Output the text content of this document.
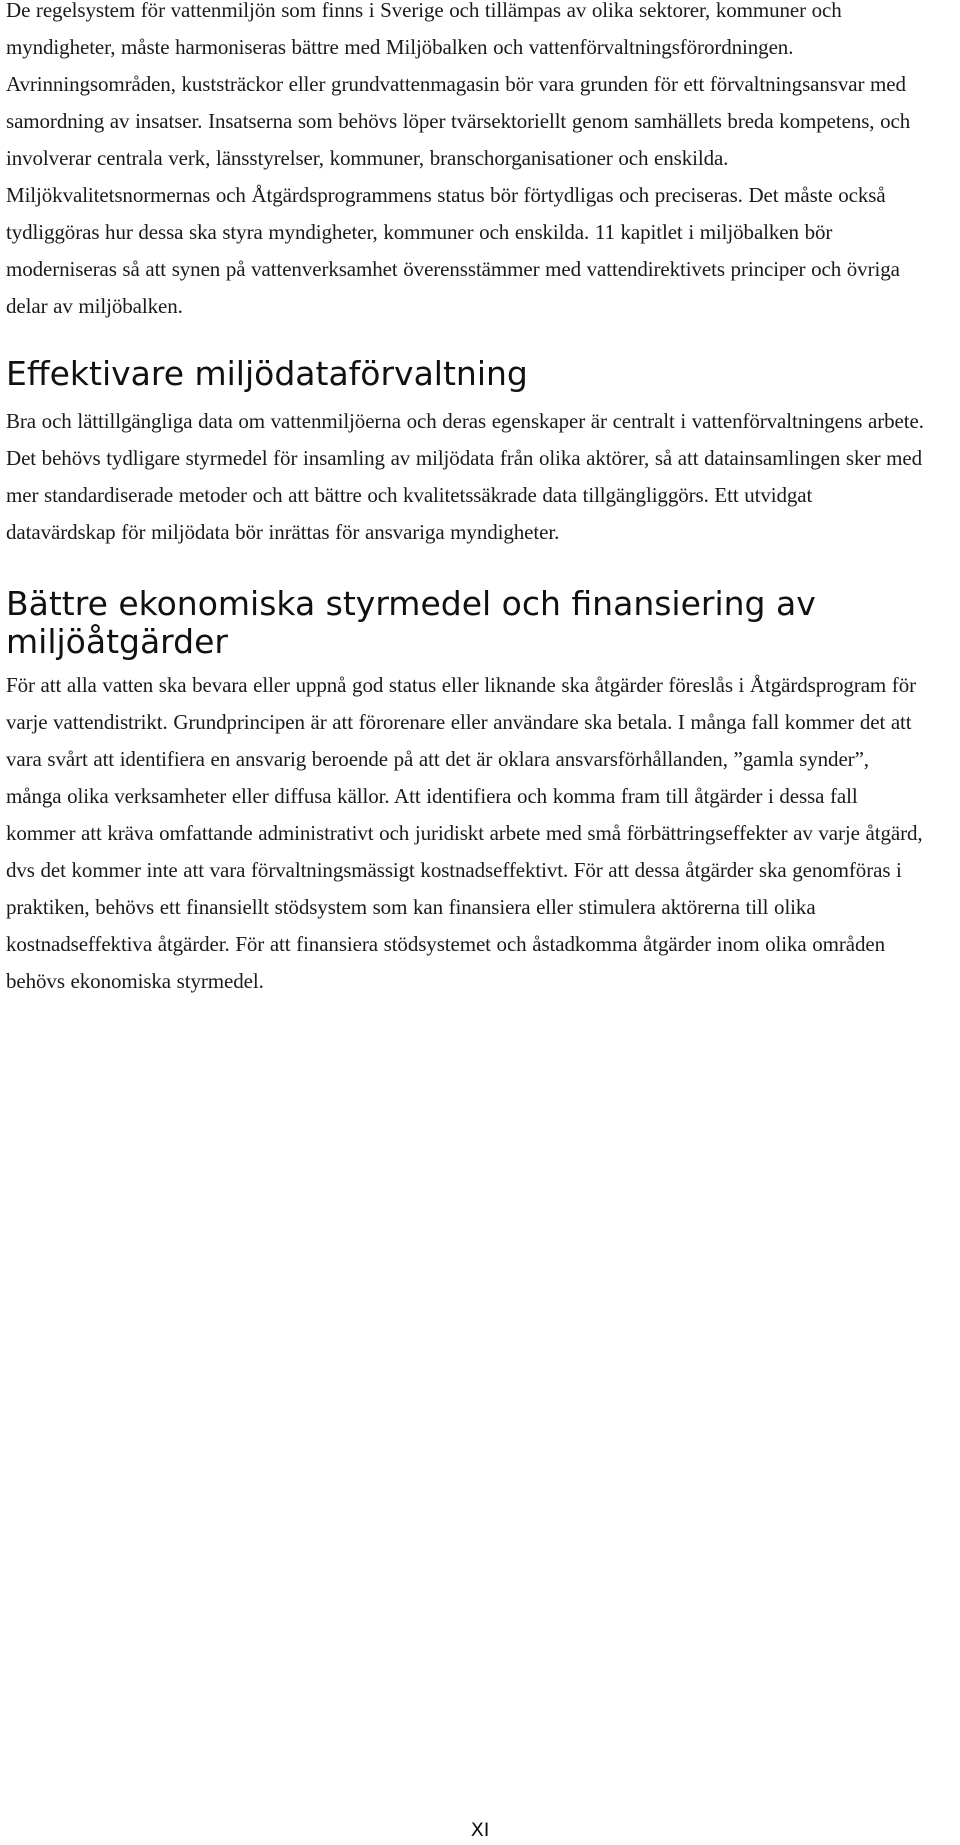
De regelsystem för vattenmiljön som finns i Sverige och tillämpas av olika sektorer, kommuner och myndigheter, måste harmoniseras bättre med Miljöbalken och vattenförvaltningsförordningen. Avrinningsområden, kuststräckor eller grundvattenmagasin bör vara grunden för ett förvaltningsansvar med samordning av insatser. Insatserna som behövs löper tvärsektoriellt genom samhällets breda kompetens, och involverar centrala verk, länsstyrelser, kommuner, branschorganisationer och enskilda. Miljökvalitetsnormernas och Åtgärdsprogrammens status bör förtydligas och preciseras. Det måste också tydliggöras hur dessa ska styra myndigheter, kommuner och enskilda. 11 kapitlet i miljöbalken bör moderniseras så att synen på vattenverksamhet överensstämmer med vattendirektivets principer och övriga delar av miljöbalken.

Effektivare miljödataförvaltning

Bra och lättillgängliga data om vattenmiljöerna och deras egenskaper är centralt i vattenförvaltningens arbete. Det behövs tydligare styrmedel för insamling av miljödata från olika aktörer, så att datainsamlingen sker med mer standardiserade metoder och att bättre och kvalitetssäkrade data tillgängliggörs. Ett utvidgat datavärdskap för miljödata bör inrättas för ansvariga myndigheter.

Bättre ekonomiska styrmedel och finansiering av miljöåtgärder

För att alla vatten ska bevara eller uppnå god status eller liknande ska åtgärder föreslås i Åtgärdsprogram för varje vattendistrikt. Grundprincipen är att förorenare eller användare ska betala. I många fall kommer det att vara svårt att identifiera en ansvarig beroende på att det är oklara ansvarsförhållanden, ”gamla synder”, många olika verksamheter eller diffusa källor. Att identifiera och komma fram till åtgärder i dessa fall kommer att kräva omfattande administrativt och juridiskt arbete med små förbättringseffekter av varje åtgärd, dvs det kommer inte att vara förvaltningsmässigt kostnadseffektivt. För att dessa åtgärder ska genomföras i praktiken, behövs ett finansiellt stödsystem som kan finansiera eller stimulera aktörerna till olika kostnadseffektiva åtgärder. För att finansiera stödsystemet och åstadkomma åtgärder inom olika områden behövs ekonomiska styrmedel.

XI
